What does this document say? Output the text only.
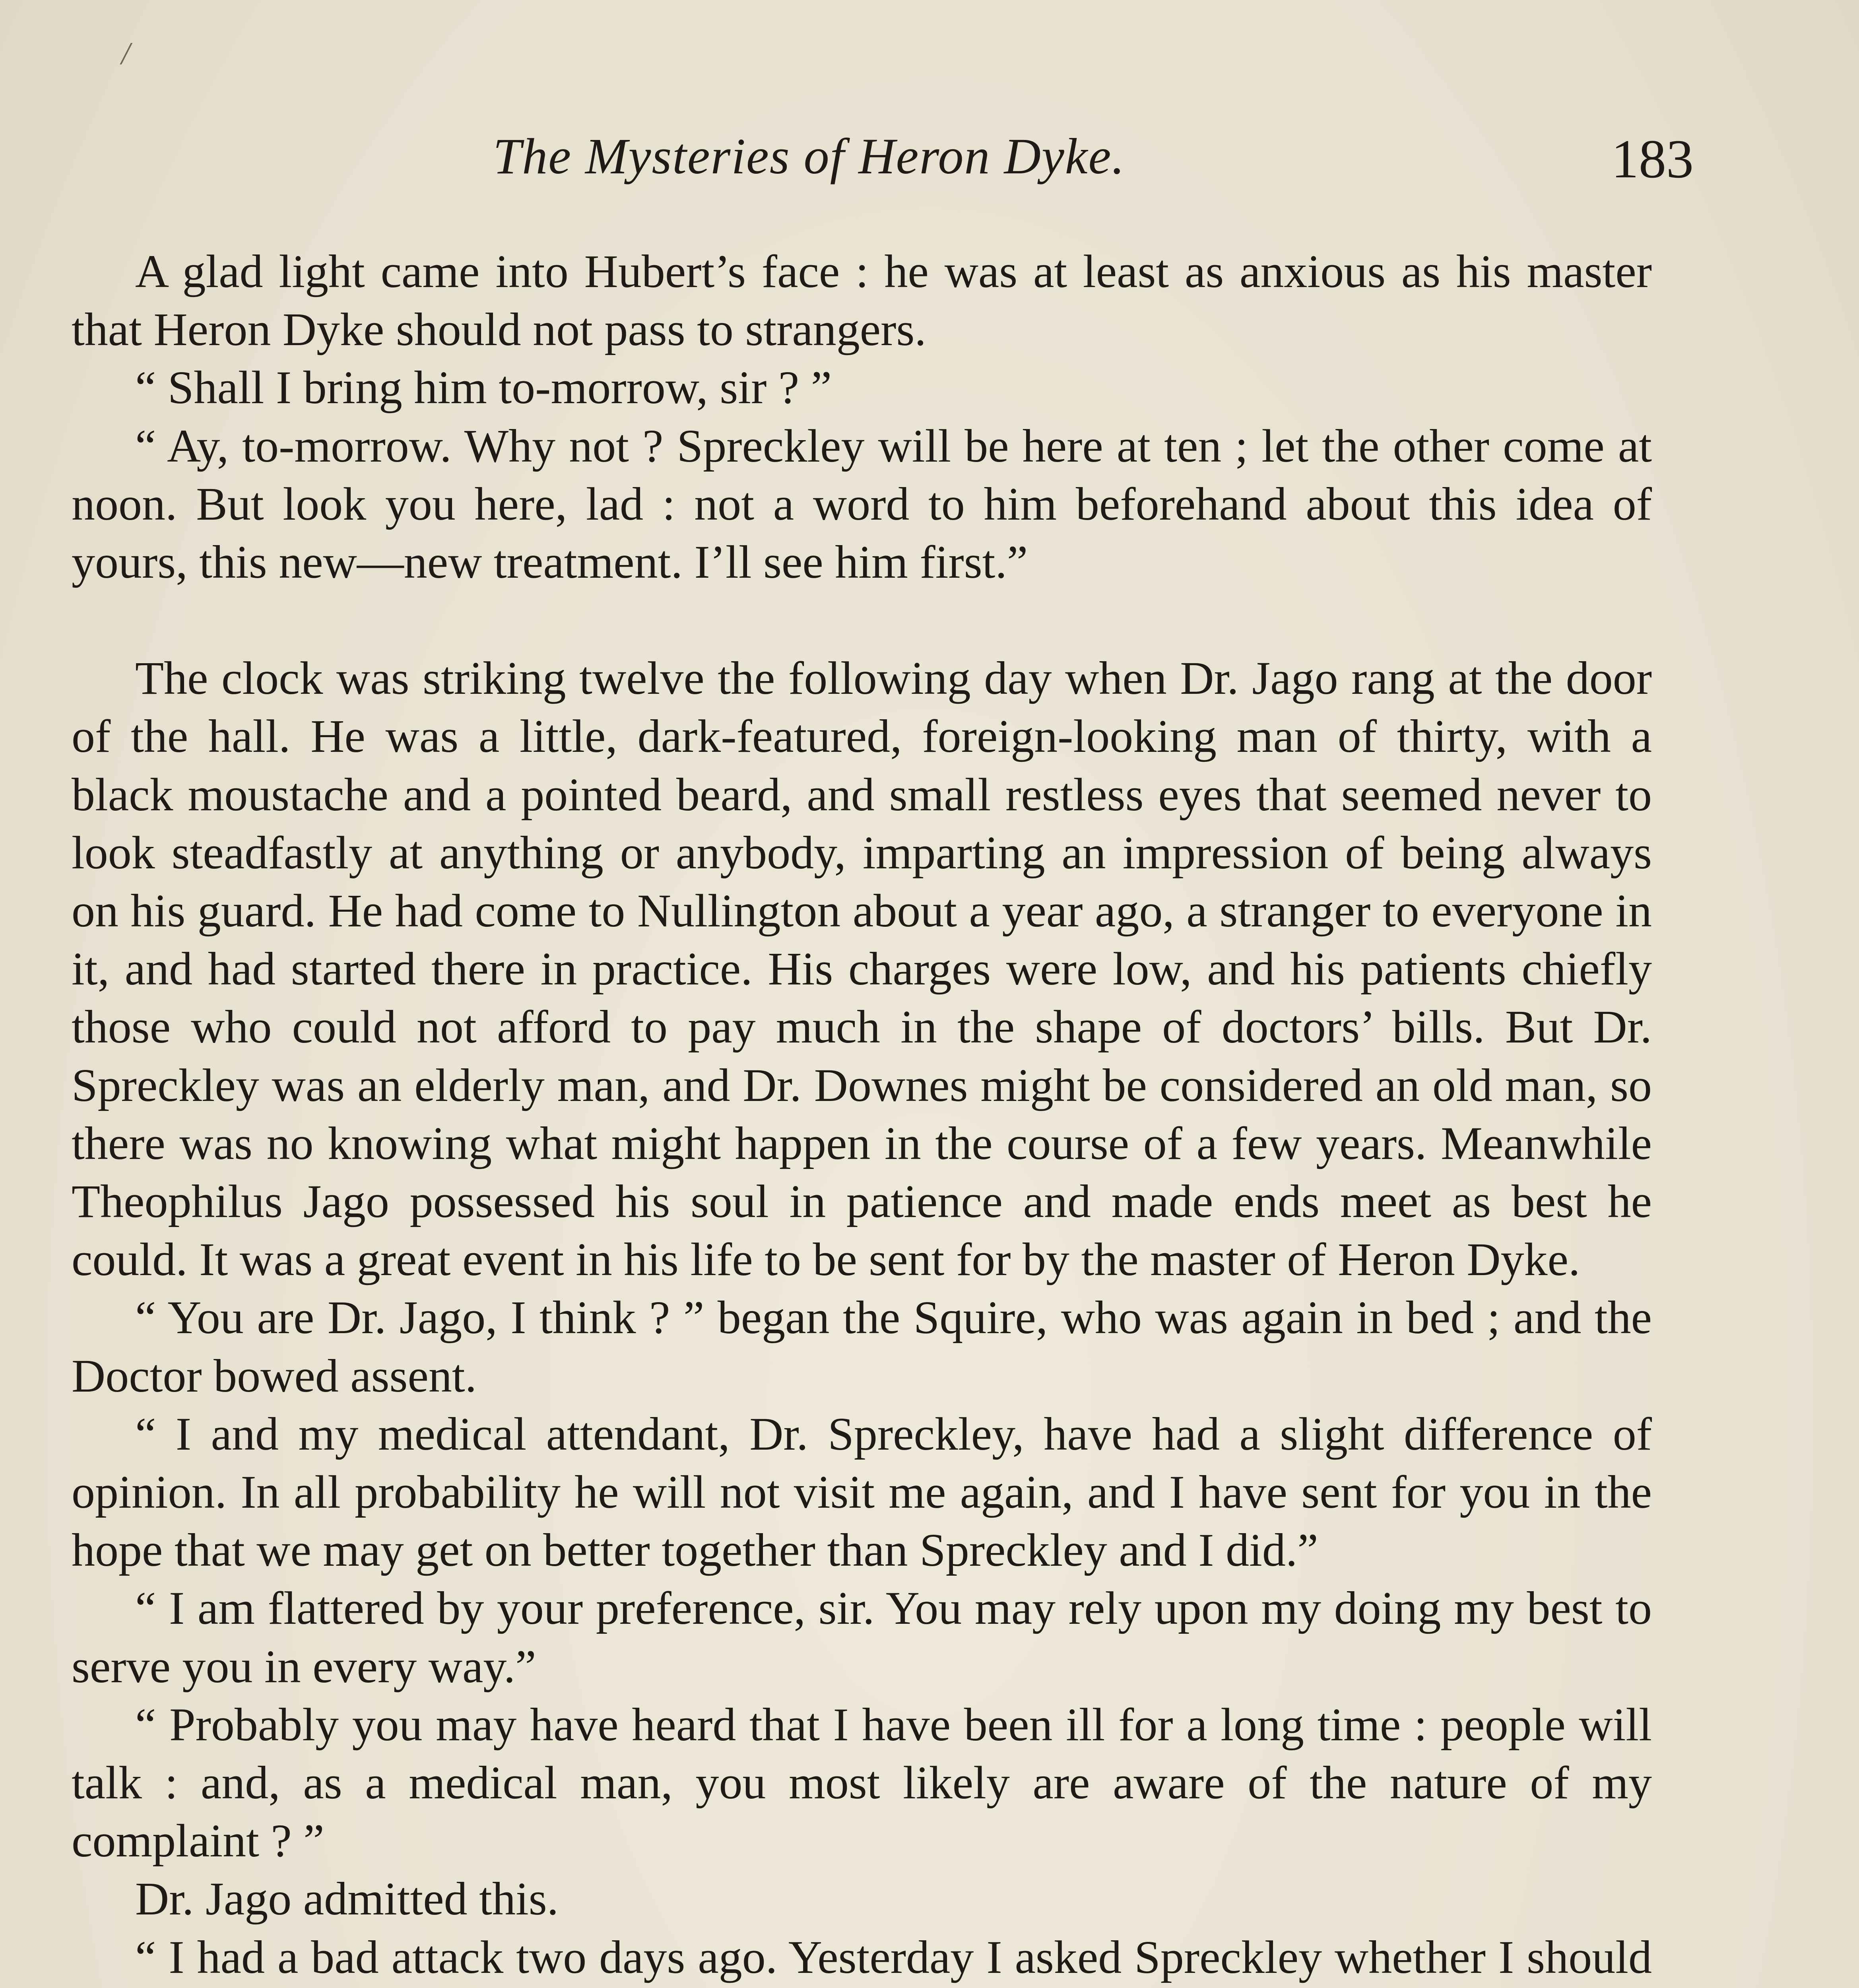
/
The Mysteries of Heron Dyke.	183

A glad light came into Hubert’s face : he was at least as anxious as his master that Heron Dyke should not pass to strangers.

“ Shall I bring him to-morrow, sir ? ”

“ Ay, to-morrow. Why not ? Spreckley will be here at ten ; let the other come at noon. But look you here, lad : not a word to him beforehand about this idea of yours, this new—new treatment. I’ll see him first.”

The clock was striking twelve the following day when Dr. Jago rang at the door of the hall. He was a little, dark-featured, foreign-looking man of thirty, with a black moustache and a pointed beard, and small restless eyes that seemed never to look steadfastly at anything or anybody, imparting an impression of being always on his guard. He had come to Nullington about a year ago, a stranger to everyone in it, and had started there in practice. His charges were low, and his patients chiefly those who could not afford to pay much in the shape of doctors’ bills. But Dr. Spreckley was an elderly man, and Dr. Downes might be considered an old man, so there was no knowing what might happen in the course of a few years. Meanwhile Theophilus Jago possessed his soul in patience and made ends meet as best he could. It was a great event in his life to be sent for by the master of Heron Dyke.

“ You are Dr. Jago, I think ? ” began the Squire, who was again in bed ; and the Doctor bowed assent.

“ I and my medical attendant, Dr. Spreckley, have had a slight difference of opinion. In all probability he will not visit me again, and I have sent for you in the hope that we may get on better together than Spreckley and I did.”

“ I am flattered by your preference, sir. You may rely upon my doing my best to serve you in every way.”

“ Probably you may have heard that I have been ill for a long time : people will talk : and, as a medical man, you most likely are aware of the nature of my complaint ? ”

Dr. Jago admitted this.

“ I had a bad attack two days ago. Yesterday I asked Spreckley whether I should
